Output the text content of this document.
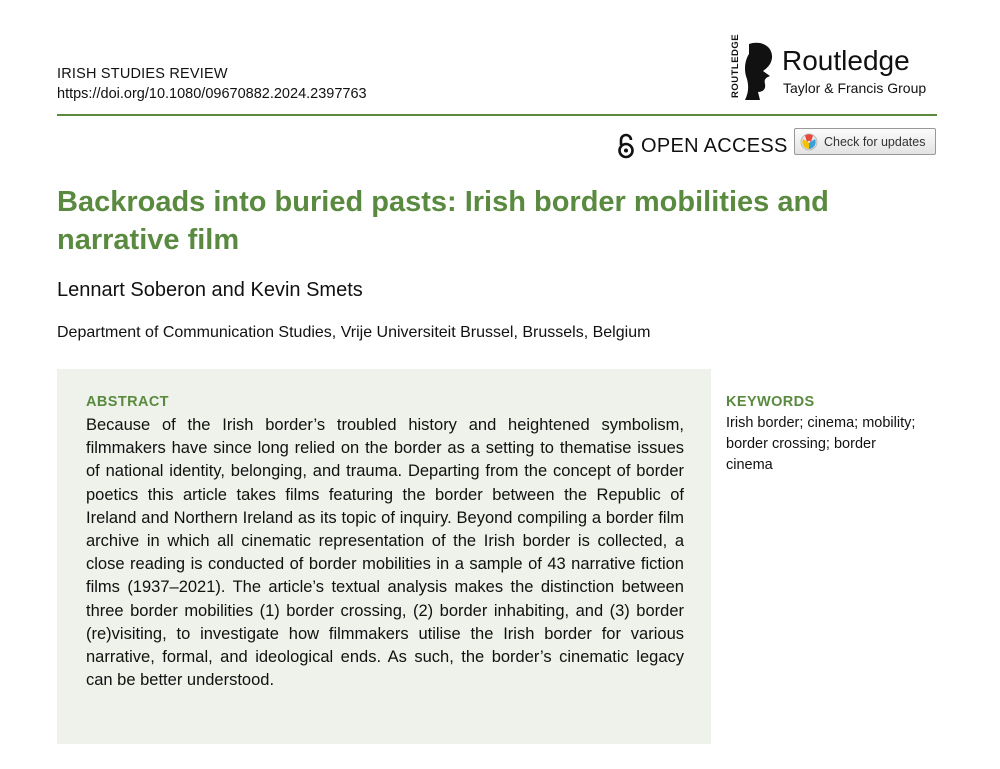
IRISH STUDIES REVIEW
https://doi.org/10.1080/09670882.2024.2397763	ROUTLEDGE Routledge
Taylor & Francis Group
OPEN ACCESS	Check for updates
Backroads into buried pasts: Irish border mobilities and narrative film
Lennart Soberon and Kevin Smets
Department of Communication Studies, Vrije Universiteit Brussel, Brussels, Belgium
ABSTRACT

Because of the Irish border’s troubled history and heightened symbolism, filmmakers have since long relied on the border as a setting to thematise issues of national identity, belonging, and trauma. Departing from the concept of border poetics this article takes films featuring the border between the Republic of Ireland and Northern Ireland as its topic of inquiry. Beyond compiling a border film archive in which all cinematic representation of the Irish border is collected, a close reading is conducted of border mobilities in a sample of 43 narrative fiction films (1937–2021). The article’s textual analysis makes the distinction between three border mobilities (1) border crossing, (2) border inhabiting, and (3) border (re)visiting, to investigate how filmmakers utilise the Irish border for various narrative, formal, and ideological ends. As such, the border’s cinematic legacy can be better understood.

KEYWORDS
Irish border; cinema; mobility; border crossing; border cinema
